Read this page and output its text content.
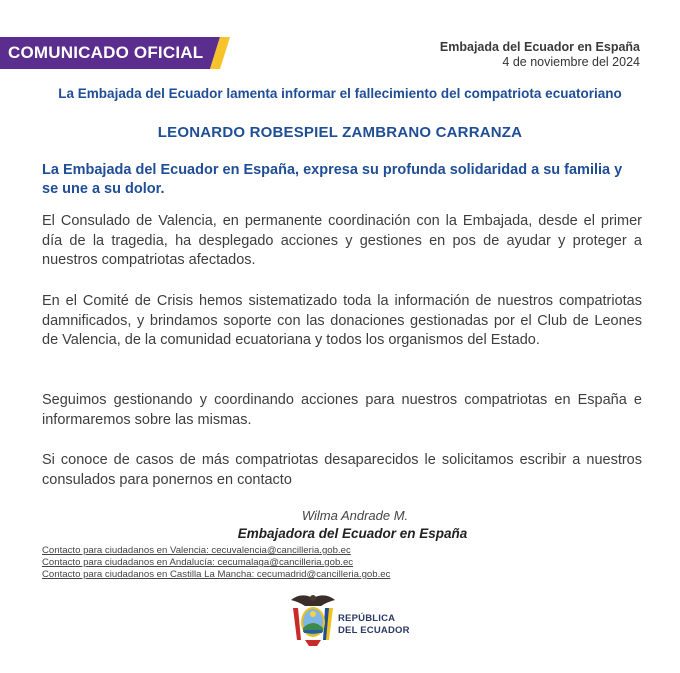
COMUNICADO OFICIAL	Embajada del Ecuador en España
4 de noviembre del 2024
La Embajada del Ecuador lamenta informar el fallecimiento del compatriota ecuatoriano
LEONARDO ROBESPIEL ZAMBRANO CARRANZA
La Embajada del Ecuador en España, expresa su profunda solidaridad a su familia y se une a su dolor.
El Consulado de Valencia, en permanente coordinación con la Embajada, desde el primer día de la tragedia, ha desplegado acciones y gestiones en pos de ayudar y proteger a nuestros compatriotas afectados.
En el Comité de Crisis hemos sistematizado toda la información de nuestros compatriotas damnificados, y brindamos soporte con las donaciones gestionadas por el Club de Leones de Valencia, de la comunidad ecuatoriana y todos los organismos del Estado.
Seguimos gestionando y coordinando acciones para nuestros compatriotas en España e informaremos sobre las mismas.
Si conoce de casos de más compatriotas desaparecidos le solicitamos escribir a nuestros consulados para ponernos en contacto
Wilma Andrade M.
Embajadora del Ecuador en España
Contacto para ciudadanos en Valencia: cecuvalencia@cancilleria.gob.ec
Contacto para ciudadanos en Andalucía: cecumalaga@cancilleria.gob.ec
Contacto para ciudadanos en Castilla La Mancha: cecumadrid@cancilleria.gob.ec
REPÚBLICA
DEL ECUADOR
